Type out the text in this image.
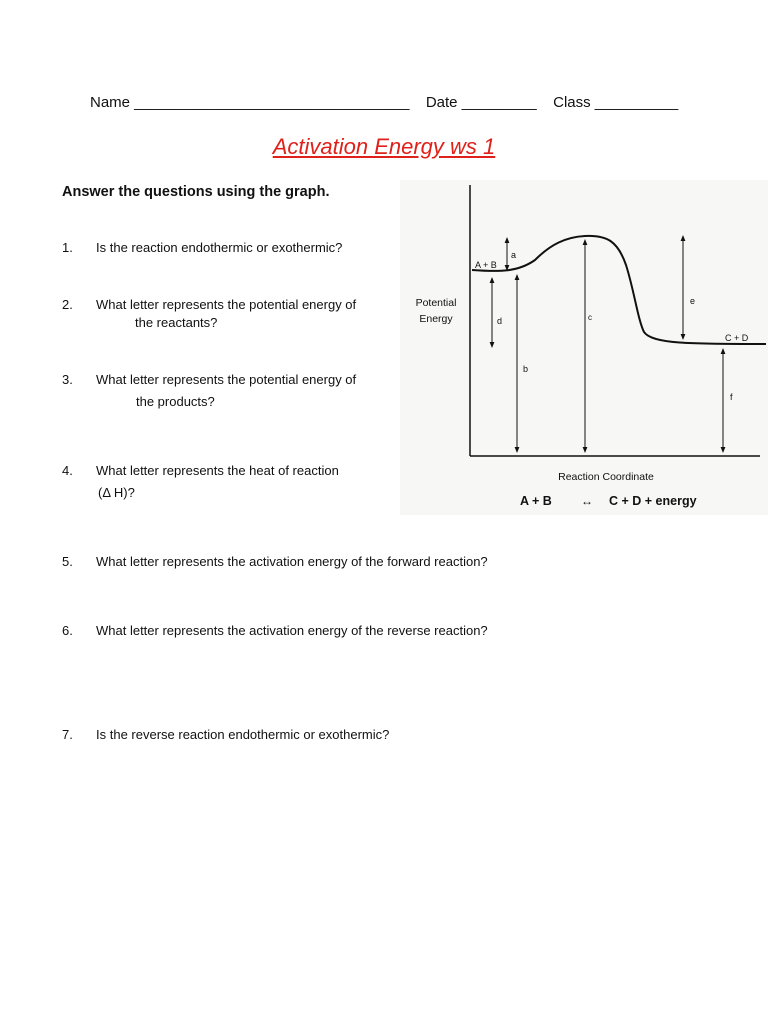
Name _________________________________ Date _________ Class __________
Activation Energy ws 1
Answer the questions using the graph.
1.	Is the reaction endothermic or exothermic?
2.	What letter represents the potential energy of
the reactants?
3.	What letter represents the potential energy of
the products?
4.	What letter represents the heat of reaction
(Δ H)?
5.	What letter represents the activation energy of the forward reaction?
6.	What letter represents the activation energy of the reverse reaction?
7.	Is the reverse reaction endothermic or exothermic?
Potential
Energy
Reaction Coordinate
A + B
C + D
a
d
b
c
e
f
A + B ↔ C + D + energy
